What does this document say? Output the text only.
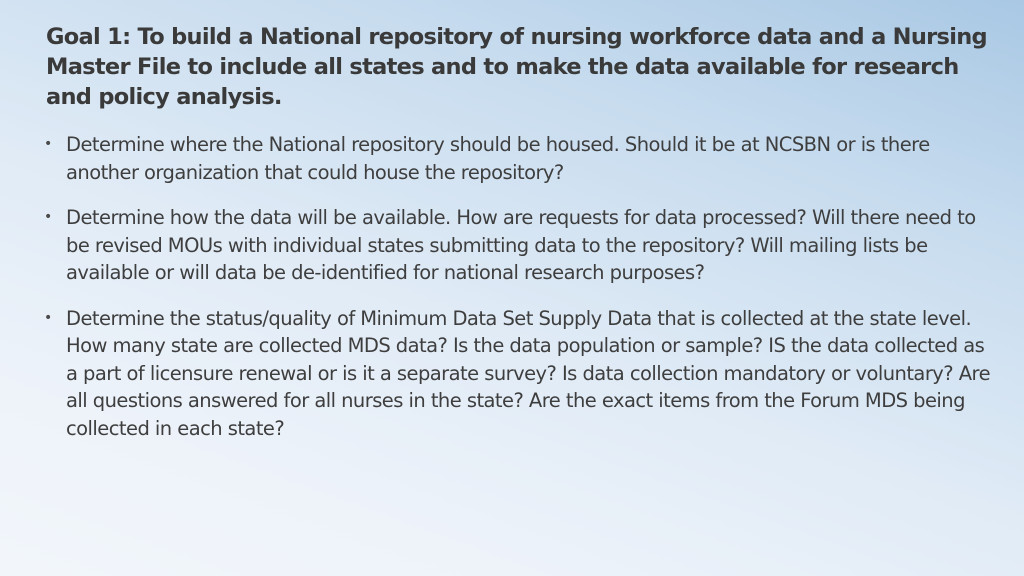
Goal 1: To build a National repository of nursing workforce data and a Nursing Master File to include all states and to make the data available for research and policy analysis.
• Determine where the National repository should be housed. Should it be at NCSBN or is there another organization that could house the repository?
• Determine how the data will be available. How are requests for data processed? Will there need to be revised MOUs with individual states submitting data to the repository? Will mailing lists be available or will data be de-identified for national research purposes?
• Determine the status/quality of Minimum Data Set Supply Data that is collected at the state level. How many state are collected MDS data? Is the data population or sample? IS the data collected as a part of licensure renewal or is it a separate survey? Is data collection mandatory or voluntary? Are all questions answered for all nurses in the state? Are the exact items from the Forum MDS being collected in each state?
